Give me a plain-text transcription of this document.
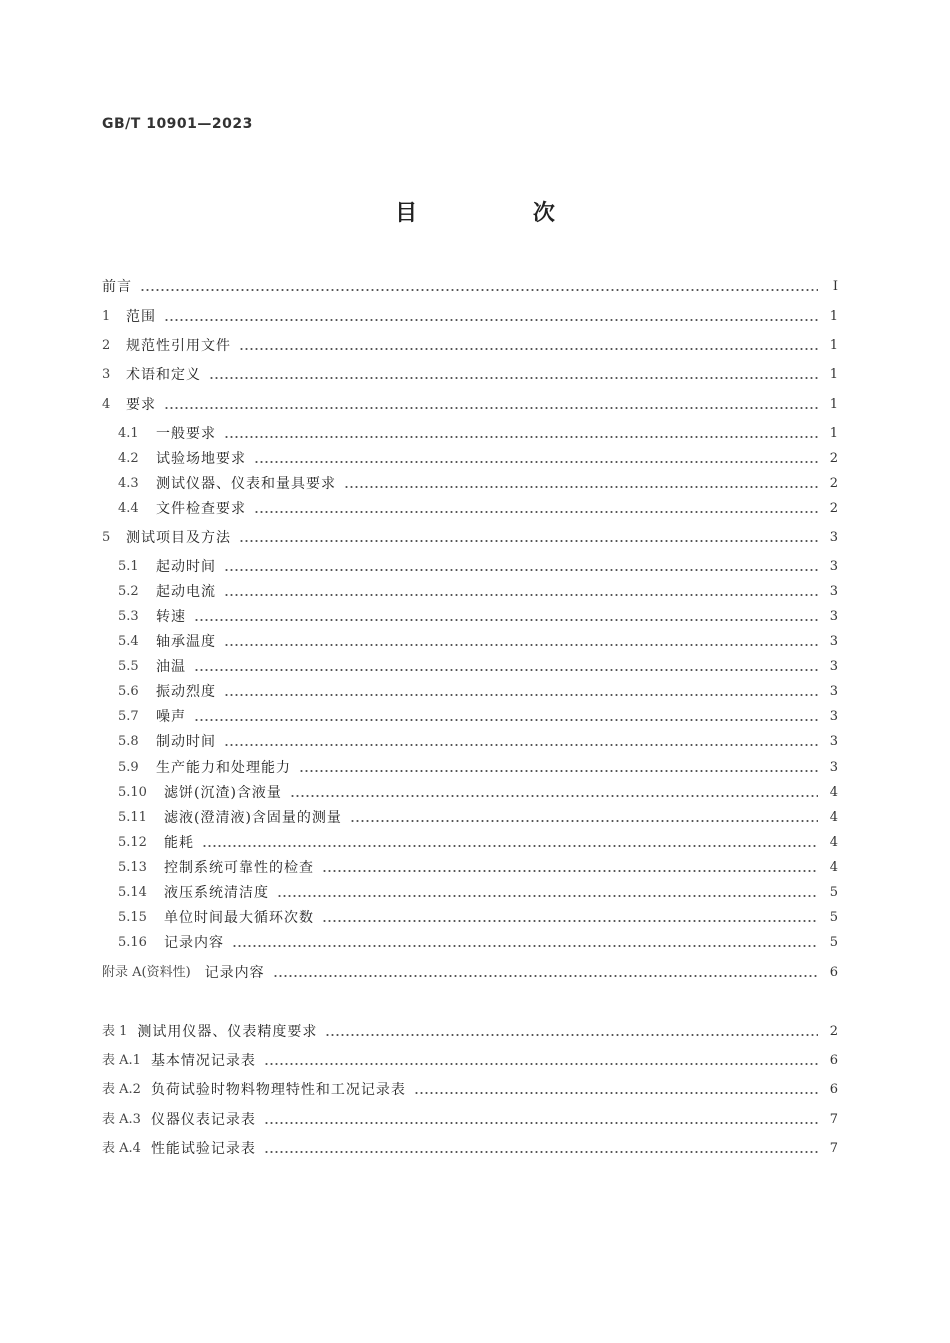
GB/T 10901—2023
目 次
前言	Ⅰ
1	范围	1
2	规范性引用文件	1
3	术语和定义	1
4	要求	1
4.1	一般要求	1
4.2	试验场地要求	2
4.3	测试仪器、仪表和量具要求	2
4.4	文件检查要求	2
5	测试项目及方法	3
5.1	起动时间	3
5.2	起动电流	3
5.3	转速	3
5.4	轴承温度	3
5.5	油温	3
5.6	振动烈度	3
5.7	噪声	3
5.8	制动时间	3
5.9	生产能力和处理能力	3
5.10	滤饼(沉渣)含液量	4
5.11	滤液(澄清液)含固量的测量	4
5.12	能耗	4
5.13	控制系统可靠性的检查	4
5.14	液压系统清洁度	5
5.15	单位时间最大循环次数	5
5.16	记录内容	5
附录 A(资料性) 记录内容	6
表 1 测试用仪器、仪表精度要求	2
表 A.1 基本情况记录表	6
表 A.2 负荷试验时物料物理特性和工况记录表	6
表 A.3 仪器仪表记录表	7
表 A.4 性能试验记录表	7
